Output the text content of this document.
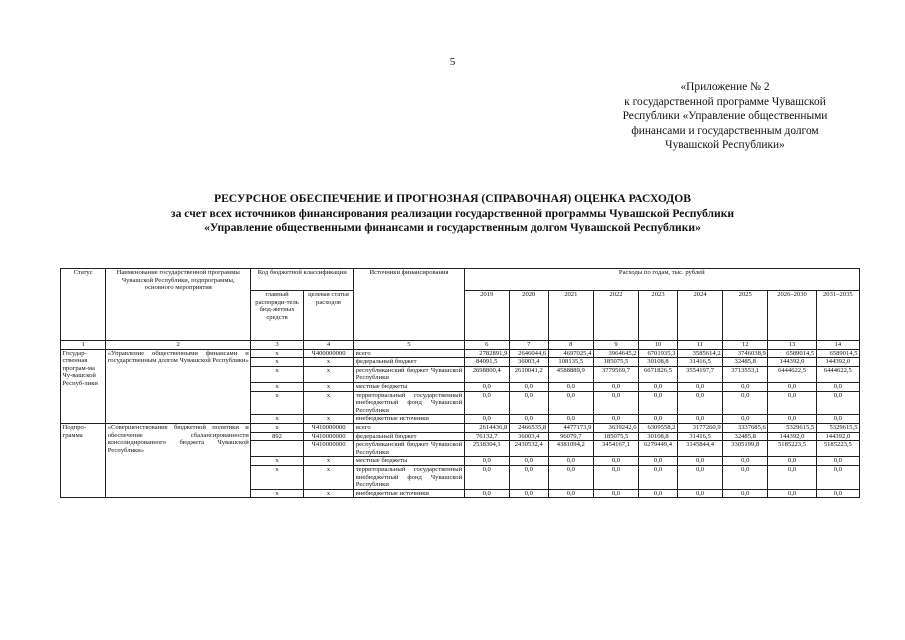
5
«Приложение № 2
к государственной программе Чувашской
Республики «Управление общественными
финансами и государственным долгом
Чувашской Республики»
РЕСУРСНОЕ ОБЕСПЕЧЕНИЕ И ПРОГНОЗНАЯ (СПРАВОЧНАЯ) ОЦЕНКА РАСХОДОВ
за счет всех источников финансирования реализации государственной программы Чувашской Республики
«Управление общественными финансами и государственным долгом Чувашской Республики»
Статус	Наименование государственной программы Чувашской Республики, подпрограммы, основного мероприятия	Код бюджетной классификации		Источники финансирования	Расходы по годам, тыс. рублей								
		главный распоряди-тель бюд-жетных средств	целевая статья расходов		2019	2020	2021	2022	2023	2024	2025	2026–2030	2031–2035
1	2	3	4	5	6	7	8	9	10	11	12	13	14
Государ-ственная програм-ма Чу-вашской Респуб-лики	«Управление общественными финансами и государственным долгом Чувашской Республики»	x	Ч400000000	всего	2782891,9	2646044,6	4697025,4	3964645,2	6701935,3	3585614,2	3746038,9	6589014,5	6589014,5
		x	x	федеральный бюджет	84091,5	36003,4	108135,5	185075,5	30108,8	31416,5	32485,8	144392,0	144392,0
		x	x	республиканский бюджет Чувашской Республики	2698800,4	2610041,2	4588889,9	3779569,7	6671826,5	3554197,7	3713553,1	6444622,5	6444622,5
		x	x	местные бюджеты	0,0	0,0	0,0	0,0	0,0	0,0	0,0	0,0	0,0
		x	x	территориальный государственный внебюджетный фонд Чувашской Республики	0,0	0,0	0,0	0,0	0,0	0,0	0,0	0,0	0,0
		x	x	внебюджетные источники	0,0	0,0	0,0	0,0	0,0	0,0	0,0	0,0	0,0
Подпро-грамма	«Совершенствование бюджетной политики и обеспечение сбалансированности консолидированного бюджета Чувашской Республики»	x	Ч410000000	всего	2614436,8	2466535,8	4477173,9	3639242,6	6309558,2	3177260,9	3337685,6	5329615,5	5329615,5
		892	Ч410000000	федеральный бюджет	76132,7	36003,4	96079,7	185075,5	30108,8	31416,5	32485,8	144392,0	144392,0
			Ч410000000	республиканский бюджет Чувашской Республики	2538304,1	2430532,4	4381094,2	3454167,1	6279449,4	3145844,4	3305199,8	5185223,5	5185223,5
		x	x	местные бюджеты	0,0	0,0	0,0	0,0	0,0	0,0	0,0	0,0	0,0
		x	x	территориальный государственный внебюджетный фонд Чувашской Республики	0,0	0,0	0,0	0,0	0,0	0,0	0,0	0,0	0,0
		x	x	внебюджетные источники	0,0	0,0	0,0	0,0	0,0	0,0	0,0	0,0	0,0
